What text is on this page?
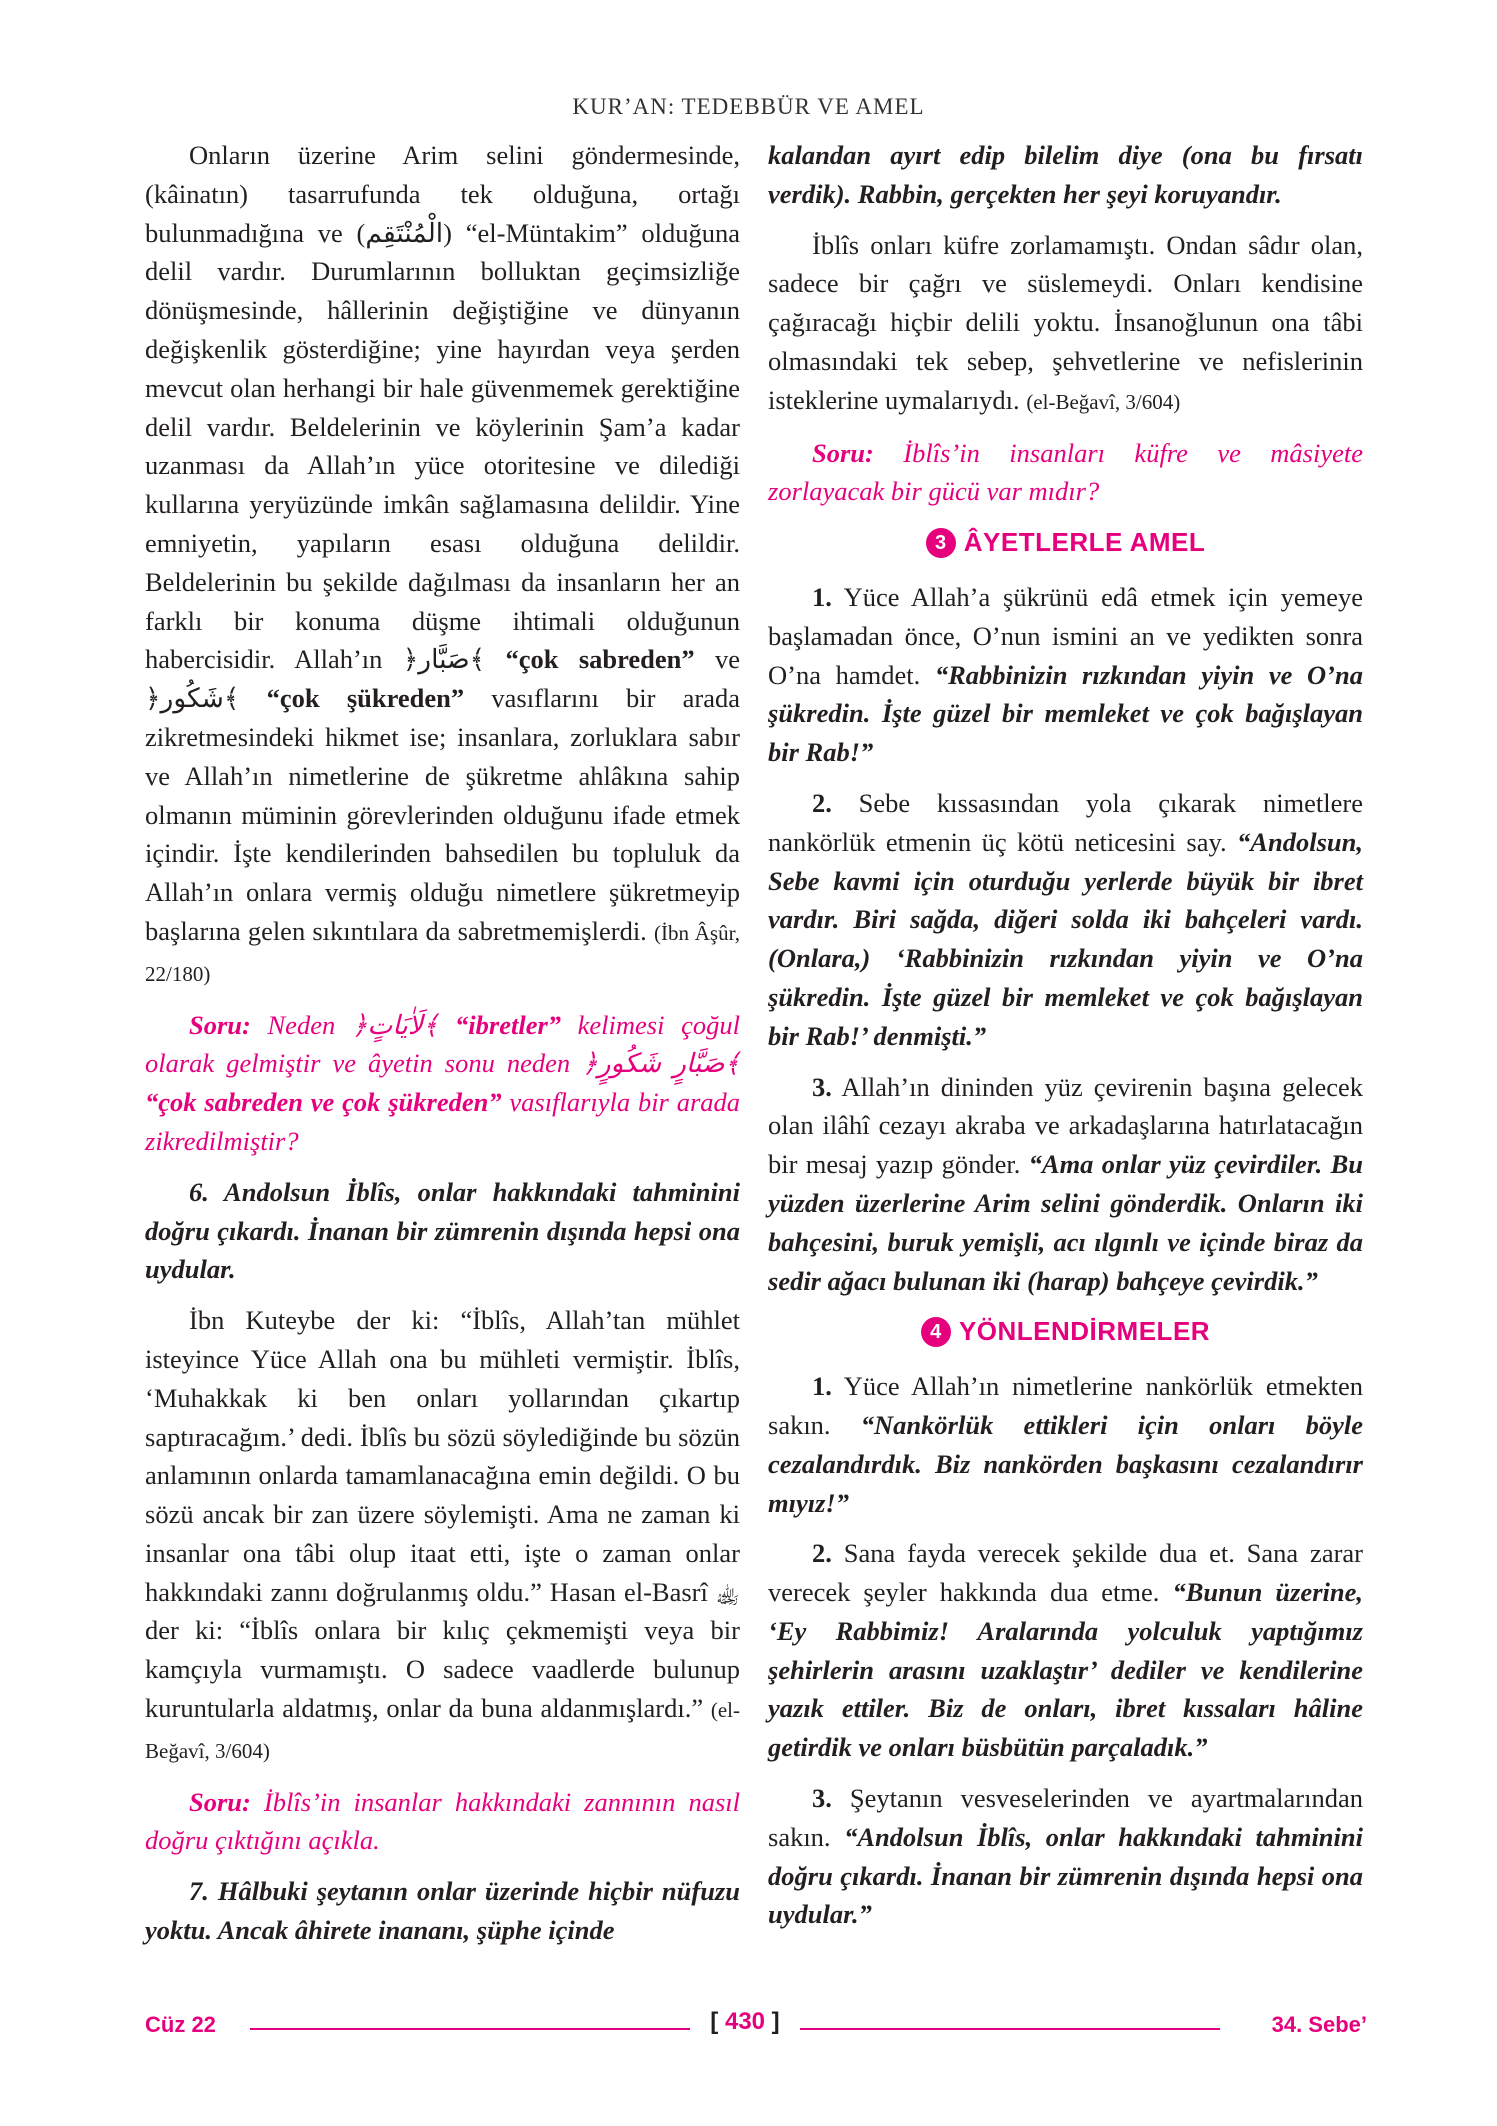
KUR’AN: TEDEBBÜR VE AMEL

Onların üzerine Arim selini göndermesinde, (kâinatın) tasarrufunda tek olduğuna, ortağı bulunmadığına ve (الْمُنْتَقِم) “el-Müntakim” olduğuna delil vardır. Durumlarının bolluktan geçimsizliğe dönüşmesinde, hâllerinin değiştiğine ve dünyanın değişkenlik gösterdiğine; yine hayırdan veya şerden mevcut olan herhangi bir hale güvenmemek gerektiğine delil vardır. Beldelerinin ve köylerinin Şam’a kadar uzanması da Allah’ın yüce otoritesine ve dilediği kullarına yeryüzünde imkân sağlamasına delildir. Yine emniyetin, yapıların esası olduğuna delildir. Beldelerinin bu şekilde dağılması da insanların her an farklı bir konuma düşme ihtimali olduğunun habercisidir. Allah’ın ﴿صَبَّار﴾ “çok sabreden” ve ﴿شَكُور﴾ “çok şükreden” vasıflarını bir arada zikretmesindeki hikmet ise; insanlara, zorluklara sabır ve Allah’ın nimetlerine de şükretme ahlâkına sahip olmanın müminin görevlerinden olduğunu ifade etmek içindir. İşte kendilerinden bahsedilen bu topluluk da Allah’ın onlara vermiş olduğu nimetlere şükretmeyip başlarına gelen sıkıntılara da sabretmemişlerdi. (İbn Âşûr, 22/180)

Soru: Neden ﴿لَاٰيَاتٍ﴾ “ibretler” kelimesi çoğul olarak gelmiştir ve âyetin sonu neden ﴿صَبَّارٍ شَكُورٍ﴾ “çok sabreden ve çok şükreden” vasıflarıyla bir arada zikredilmiştir?

6. Andolsun İblîs, onlar hakkındaki tahminini doğru çıkardı. İnanan bir zümrenin dışında hepsi ona uydular.

İbn Kuteybe der ki: “İblîs, Allah’tan mühlet isteyince Yüce Allah ona bu mühleti vermiştir. İblîs, ‘Muhakkak ki ben onları yollarından çıkartıp saptıracağım.’ dedi. İblîs bu sözü söylediğinde bu sözün anlamının onlarda tamamlanacağına emin değildi. O bu sözü ancak bir zan üzere söylemişti. Ama ne zaman ki insanlar ona tâbi olup itaat etti, işte o zaman onlar hakkındaki zannı doğrulanmış oldu.” Hasan el-Basrî ﵀ der ki: “İblîs onlara bir kılıç çekmemişti veya bir kamçıyla vurmamıştı. O sadece vaadlerde bulunup kuruntularla aldatmış, onlar da buna aldanmışlardı.” (el-Beğavî, 3/604)

Soru: İblîs’in insanlar hakkındaki zannının nasıl doğru çıktığını açıkla.

7. Hâlbuki şeytanın onlar üzerinde hiçbir nüfuzu yoktu. Ancak âhirete inananı, şüphe içinde

kalandan ayırt edip bilelim diye (ona bu fırsatı verdik). Rabbin, gerçekten her şeyi koruyandır.

İblîs onları küfre zorlamamıştı. Ondan sâdır olan, sadece bir çağrı ve süslemeydi. Onları kendisine çağıracağı hiçbir delili yoktu. İnsanoğlunun ona tâbi olmasındaki tek sebep, şehvetlerine ve nefislerinin isteklerine uymalarıydı. (el-Beğavî, 3/604)

Soru: İblîs’in insanları küfre ve mâsiyete zorlayacak bir gücü var mıdır?

3 ÂYETLERLE AMEL

1. Yüce Allah’a şükrünü edâ etmek için yemeye başlamadan önce, O’nun ismini an ve yedikten sonra O’na hamdet. “Rabbinizin rızkından yiyin ve O’na şükredin. İşte güzel bir memleket ve çok bağışlayan bir Rab!”

2. Sebe kıssasından yola çıkarak nimetlere nankörlük etmenin üç kötü neticesini say. “Andolsun, Sebe kavmi için oturduğu yerlerde büyük bir ibret vardır. Biri sağda, diğeri solda iki bahçeleri vardı. (Onlara,) ‘Rabbinizin rızkından yiyin ve O’na şükredin. İşte güzel bir memleket ve çok bağışlayan bir Rab!’ denmişti.”

3. Allah’ın dininden yüz çevirenin başına gelecek olan ilâhî cezayı akraba ve arkadaşlarına hatırlatacağın bir mesaj yazıp gönder. “Ama onlar yüz çevirdiler. Bu yüzden üzerlerine Arim selini gönderdik. Onların iki bahçesini, buruk yemişli, acı ılgınlı ve içinde biraz da sedir ağacı bulunan iki (harap) bahçeye çevirdik.”

4 YÖNLENDİRMELER

1. Yüce Allah’ın nimetlerine nankörlük etmekten sakın. “Nankörlük ettikleri için onları böyle cezalandırdık. Biz nankörden başkasını cezalandırır mıyız!”

2. Sana fayda verecek şekilde dua et. Sana zarar verecek şeyler hakkında dua etme. “Bunun üzerine, ‘Ey Rabbimiz! Aralarında yolculuk yaptığımız şehirlerin arasını uzaklaştır’ dediler ve kendilerine yazık ettiler. Biz de onları, ibret kıssaları hâline getirdik ve onları büsbütün parçaladık.”

3. Şeytanın vesveselerinden ve ayartmalarından sakın. “Andolsun İblîs, onlar hakkındaki tahminini doğru çıkardı. İnanan bir zümrenin dışında hepsi ona uydular.”

Cüz 22	[ 430 ]	34. Sebe’
